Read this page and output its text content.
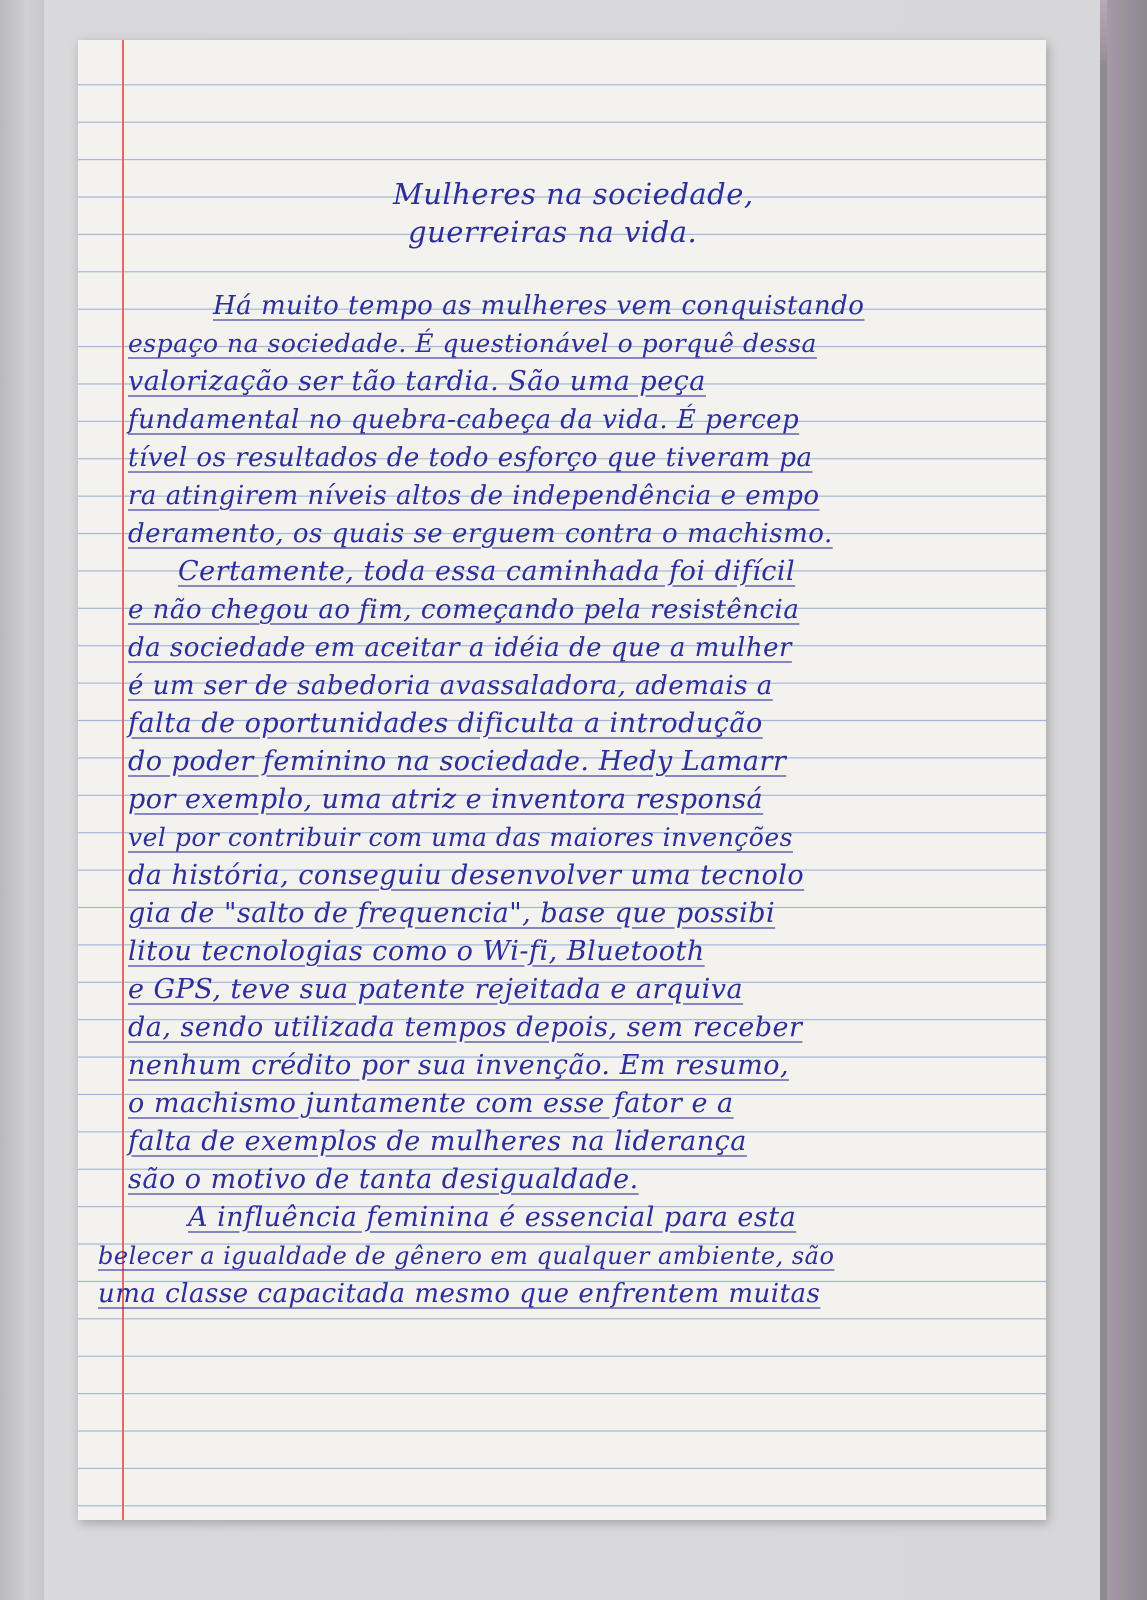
Mulheres na sociedade,
guerreiras na vida.
Há muito tempo as mulheres vem conquistando
espaço na sociedade. É questionável o porquê dessa
valorização ser tão tardia. São uma peça
fundamental no quebra-cabeça da vida. É percep
tível os resultados de todo esforço que tiveram pa
ra atingirem níveis altos de independência e empo
deramento, os quais se erguem contra o machismo.
Certamente, toda essa caminhada foi difícil
e não chegou ao fim, começando pela resistência
da sociedade em aceitar a idéia de que a mulher
é um ser de sabedoria avassaladora, ademais a
falta de oportunidades dificulta a introdução
do poder feminino na sociedade. Hedy Lamarr
por exemplo, uma atriz e inventora responsá
vel por contribuir com uma das maiores invenções
da história, conseguiu desenvolver uma tecnolo
gia de "salto de frequencia", base que possibi
litou tecnologias como o Wi-fi, Bluetooth
e GPS, teve sua patente rejeitada e arquiva
da, sendo utilizada tempos depois, sem receber
nenhum crédito por sua invenção. Em resumo,
o machismo juntamente com esse fator e a
falta de exemplos de mulheres na liderança
são o motivo de tanta desigualdade.
A influência feminina é essencial para esta
belecer a igualdade de gênero em qualquer ambiente, são
uma classe capacitada mesmo que enfrentem muitas
